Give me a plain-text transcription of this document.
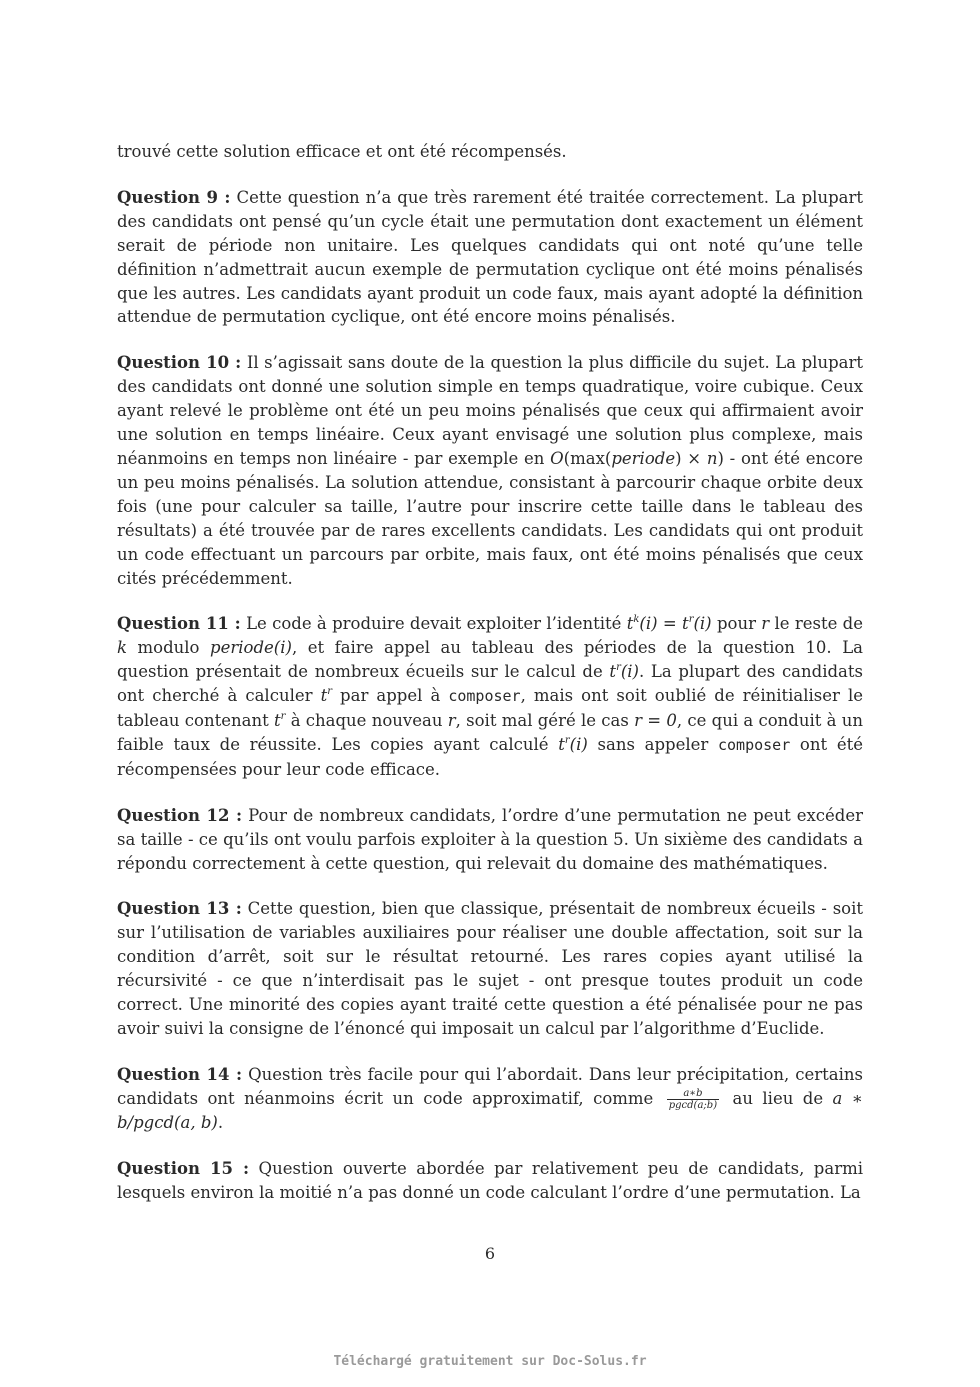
trouvé cette solution efficace et ont été récompensés.

Question 9 : Cette question n’a que très rarement été traitée correctement. La plupart des candidats ont pensé qu’un cycle était une permutation dont exactement un élément serait de période non unitaire. Les quelques candidats qui ont noté qu’une telle définition n’admettrait aucun exemple de permutation cyclique ont été moins pénalisés que les autres. Les candidats ayant produit un code faux, mais ayant adopté la définition attendue de permutation cyclique, ont été encore moins pénalisés.

Question 10 : Il s’agissait sans doute de la question la plus difficile du sujet. La plupart des candidats ont donné une solution simple en temps quadratique, voire cubique. Ceux ayant relevé le problème ont été un peu moins pénalisés que ceux qui affirmaient avoir une solution en temps linéaire. Ceux ayant envisagé une solution plus complexe, mais néanmoins en temps non linéaire - par exemple en O(max(periode) × n) - ont été encore un peu moins pénalisés. La solution attendue, consistant à parcourir chaque orbite deux fois (une pour calculer sa taille, l’autre pour inscrire cette taille dans le tableau des résultats) a été trouvée par de rares excellents candidats. Les candidats qui ont produit un code effectuant un parcours par orbite, mais faux, ont été moins pénalisés que ceux cités précédemment.

Question 11 : Le code à produire devait exploiter l’identité $t^k(i) = t^r(i)$ pour r le reste de k modulo periode(i), et faire appel au tableau des périodes de la question 10. La question présentait de nombreux écueils sur le calcul de $t^r(i)$. La plupart des candidats ont cherché à calculer $t^r$ par appel à composer, mais ont soit oublié de réinitialiser le tableau contenant $t^r$ à chaque nouveau r, soit mal géré le cas r = 0, ce qui a conduit à un faible taux de réussite. Les copies ayant calculé $t^r(i)$ sans appeler composer ont été récompensées pour leur code efficace.

Question 12 : Pour de nombreux candidats, l’ordre d’une permutation ne peut excéder sa taille - ce qu’ils ont voulu parfois exploiter à la question 5. Un sixième des candidats a répondu correctement à cette question, qui relevait du domaine des mathématiques.

Question 13 : Cette question, bien que classique, présentait de nombreux écueils - soit sur l’utilisation de variables auxiliaires pour réaliser une double affectation, soit sur la condition d’arrêt, soit sur le résultat retourné. Les rares copies ayant utilisé la récursivité - ce que n’interdisait pas le sujet - ont presque toutes produit un code correct. Une minorité des copies ayant traité cette question a été pénalisée pour ne pas avoir suivi la consigne de l’énoncé qui imposait un calcul par l’algorithme d’Euclide.

Question 14 : Question très facile pour qui l’abordait. Dans leur précipitation, certains candidats ont néanmoins écrit un code approximatif, comme $\frac{a∗b}{pgcd(a;b)}$ au lieu de a ∗ b/pgcd(a, b).

Question 15 : Question ouverte abordée par relativement peu de candidats, parmi lesquels environ la moitié n’a pas donné un code calculant l’ordre d’une permutation. La

6
Téléchargé gratuitement sur Doc-Solus.fr
